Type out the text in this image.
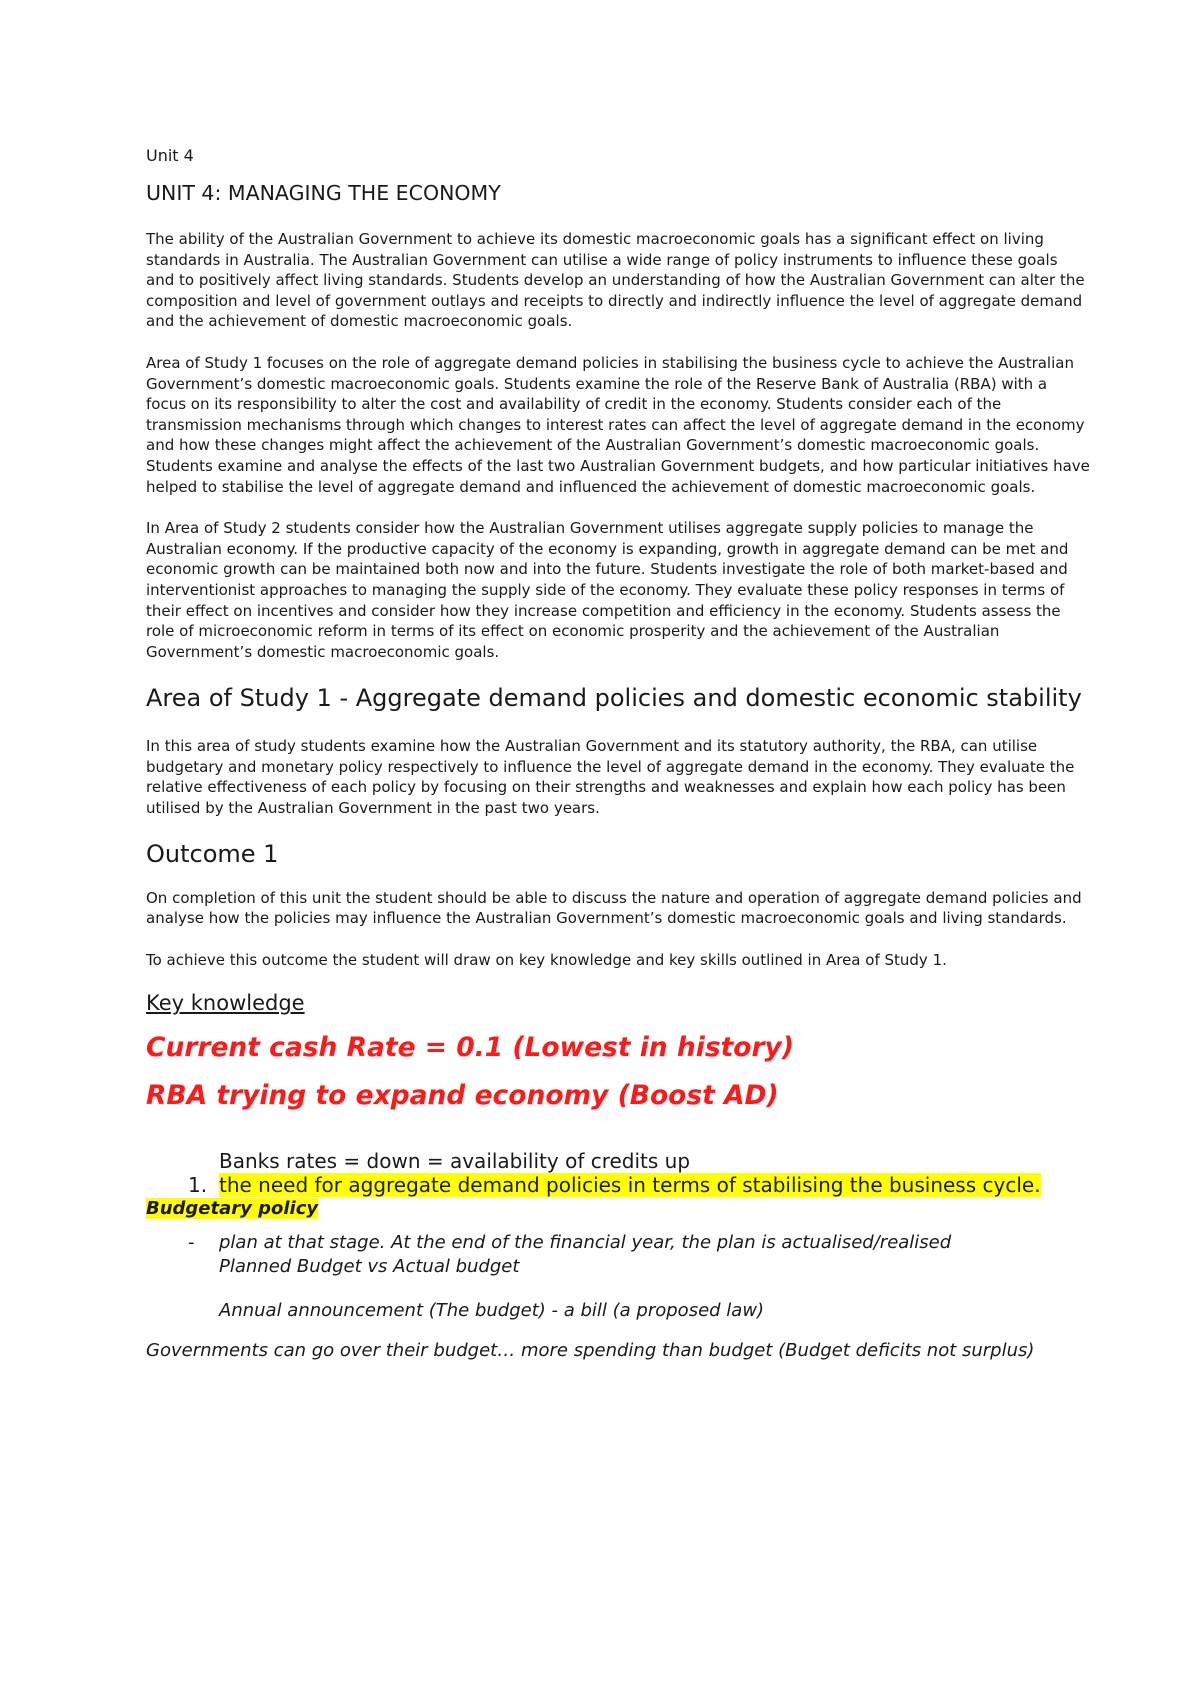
Unit 4

UNIT 4: MANAGING THE ECONOMY

The ability of the Australian Government to achieve its domestic macroeconomic goals has a significant effect on living standards in Australia. The Australian Government can utilise a wide range of policy instruments to influence these goals and to positively affect living standards. Students develop an understanding of how the Australian Government can alter the composition and level of government outlays and receipts to directly and indirectly influence the level of aggregate demand and the achievement of domestic macroeconomic goals.

Area of Study 1 focuses on the role of aggregate demand policies in stabilising the business cycle to achieve the Australian Government’s domestic macroeconomic goals. Students examine the role of the Reserve Bank of Australia (RBA) with a focus on its responsibility to alter the cost and availability of credit in the economy. Students consider each of the transmission mechanisms through which changes to interest rates can affect the level of aggregate demand in the economy and how these changes might affect the achievement of the Australian Government’s domestic macroeconomic goals. Students examine and analyse the effects of the last two Australian Government budgets, and how particular initiatives have helped to stabilise the level of aggregate demand and influenced the achievement of domestic macroeconomic goals.

In Area of Study 2 students consider how the Australian Government utilises aggregate supply policies to manage the Australian economy. If the productive capacity of the economy is expanding, growth in aggregate demand can be met and economic growth can be maintained both now and into the future. Students investigate the role of both market-based and interventionist approaches to managing the supply side of the economy. They evaluate these policy responses in terms of their effect on incentives and consider how they increase competition and efficiency in the economy. Students assess the role of microeconomic reform in terms of its effect on economic prosperity and the achievement of the Australian Government’s domestic macroeconomic goals.

Area of Study 1 - Aggregate demand policies and domestic economic stability

In this area of study students examine how the Australian Government and its statutory authority, the RBA, can utilise budgetary and monetary policy respectively to influence the level of aggregate demand in the economy. They evaluate the relative effectiveness of each policy by focusing on their strengths and weaknesses and explain how each policy has been utilised by the Australian Government in the past two years.

Outcome 1

On completion of this unit the student should be able to discuss the nature and operation of aggregate demand policies and analyse how the policies may influence the Australian Government’s domestic macroeconomic goals and living standards.

To achieve this outcome the student will draw on key knowledge and key skills outlined in Area of Study 1.

Key knowledge

Current cash Rate = 0.1 (Lowest in history)

RBA trying to expand economy (Boost AD)

Banks rates = down = availability of credits up

1. the need for aggregate demand policies in terms of stabilising the business cycle.

Budgetary policy

-	plan at that stage. At the end of the financial year, the plan is actualised/realised

Planned Budget vs Actual budget

Annual announcement (The budget) - a bill (a proposed law)

Governments can go over their budget… more spending than budget (Budget deficits not surplus)
